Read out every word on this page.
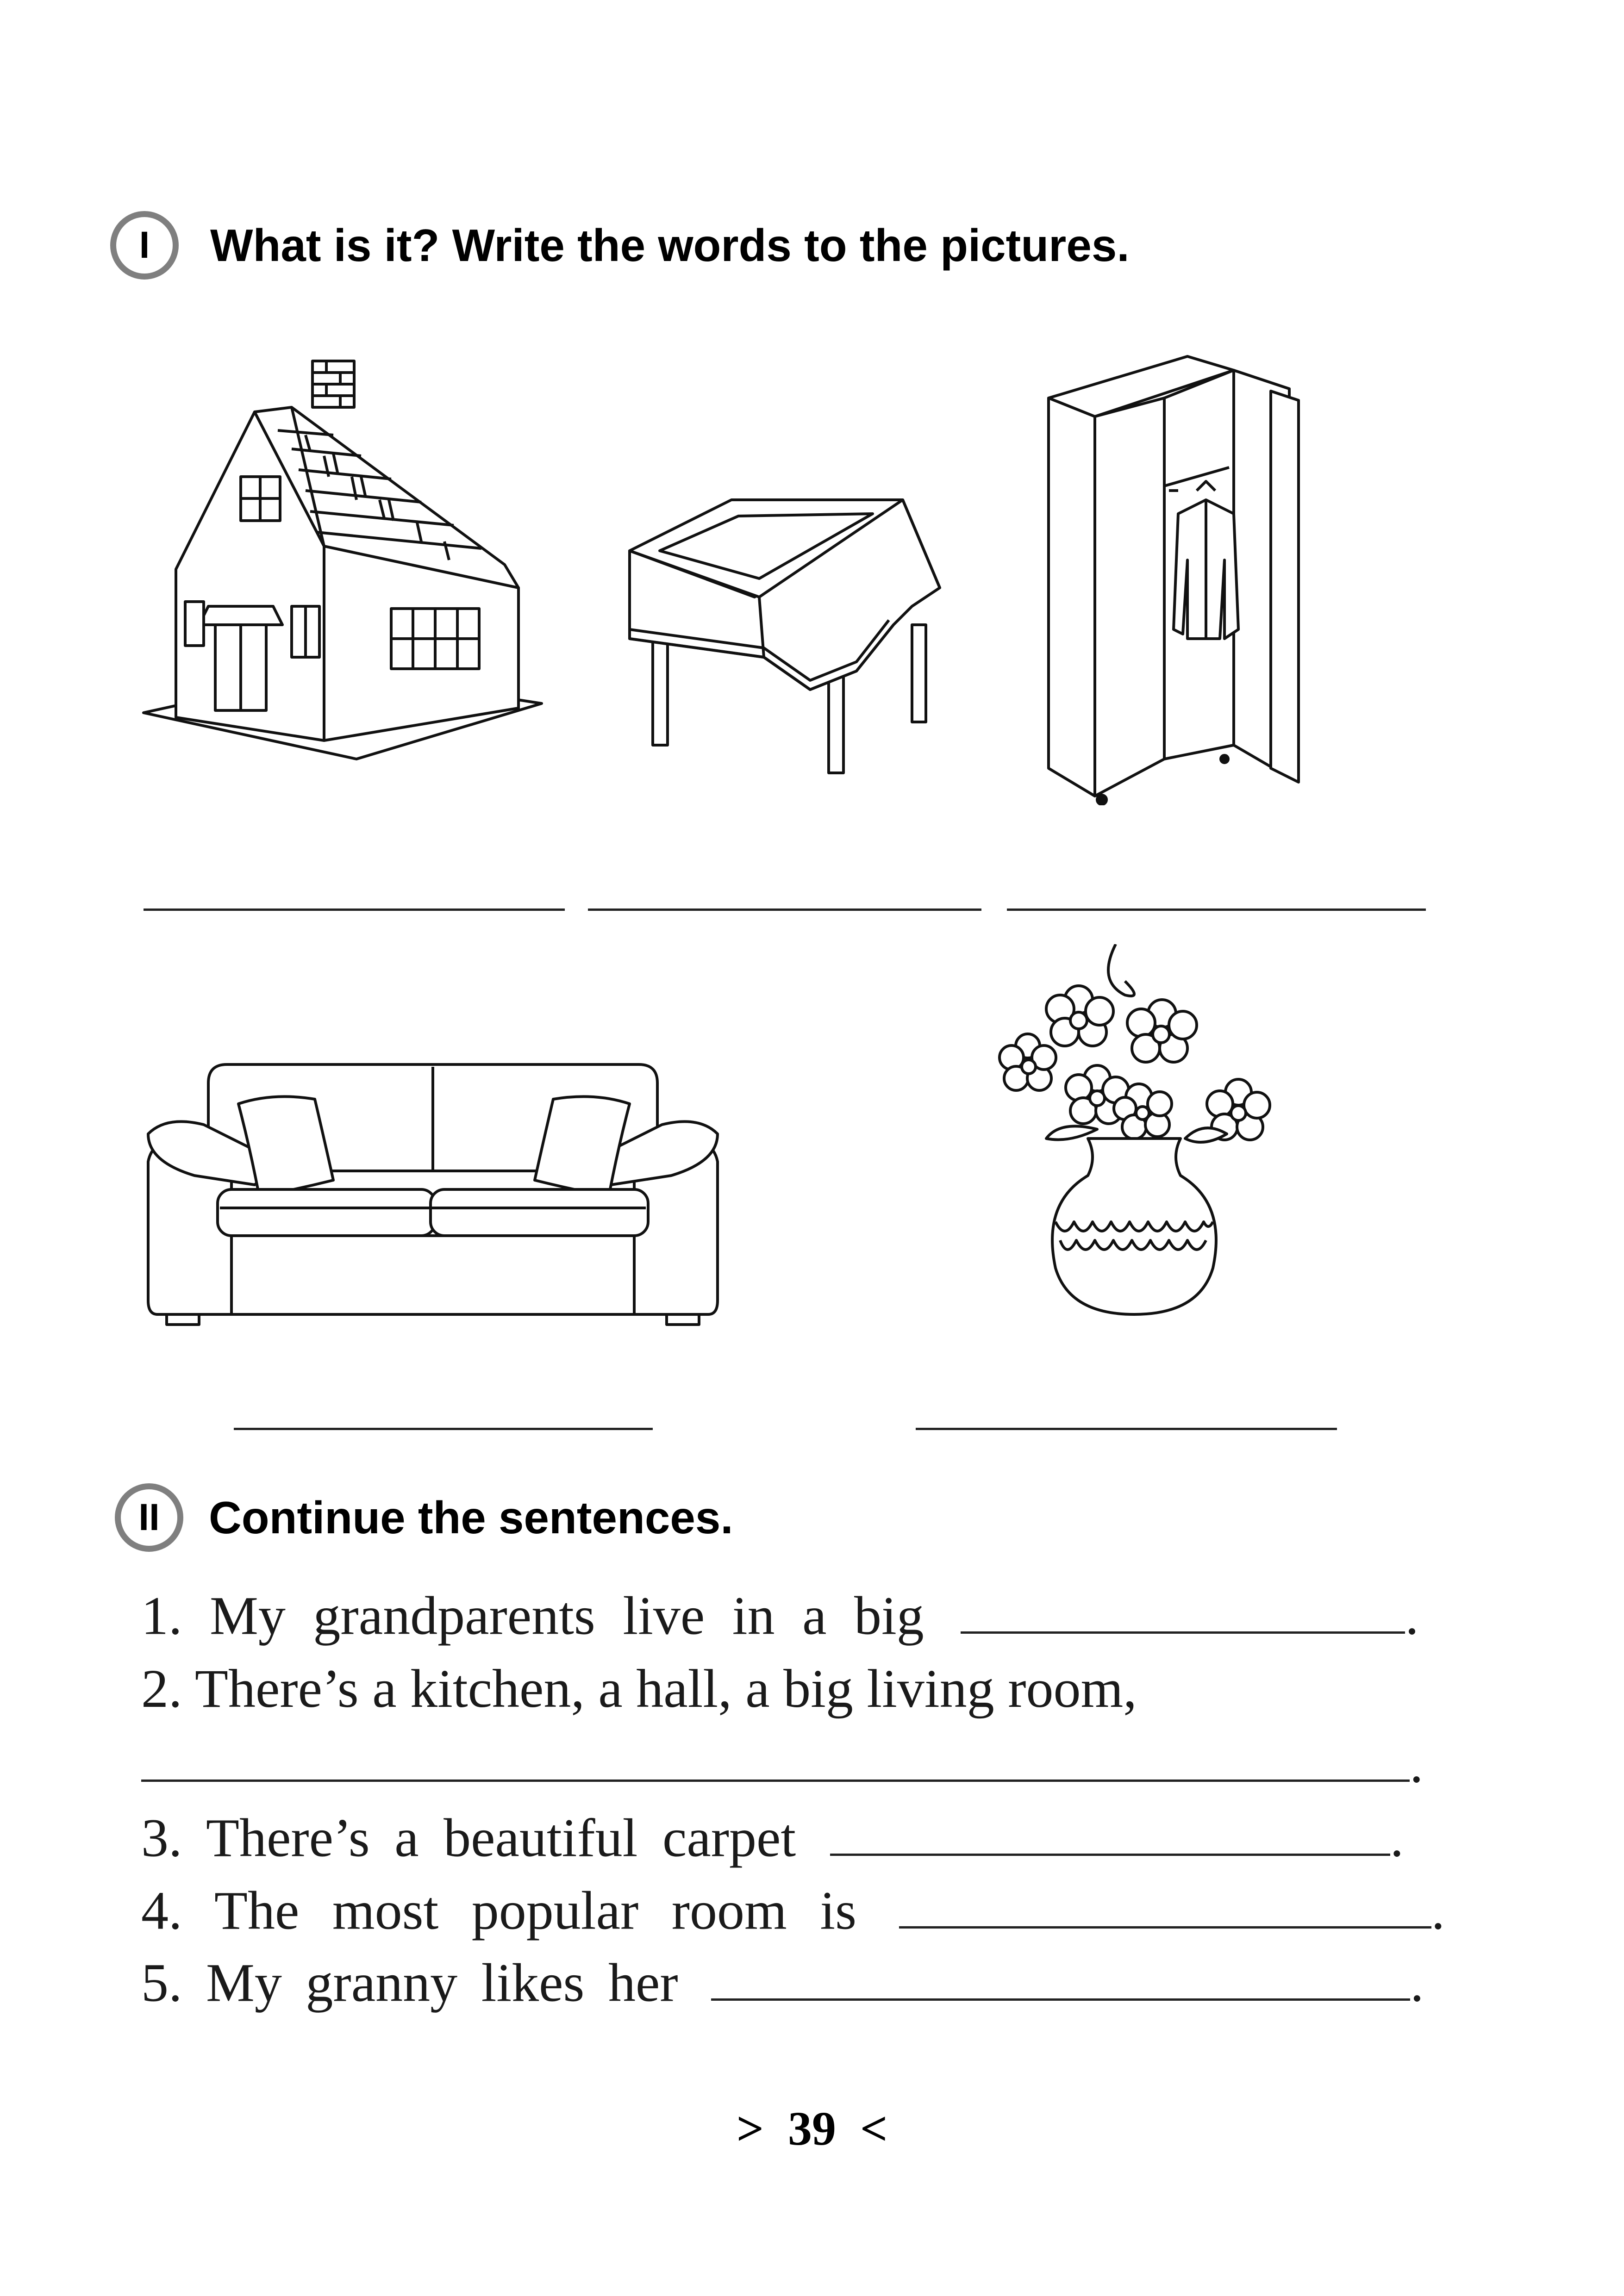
I	What is it? Write the words to the pictures.
II	Continue the sentences.
1. My grandparents live in a big	.
2. There’s a kitchen, a hall, a big living room,
.
3. There’s a beautiful carpet	.
4. The most popular room is	.
5. My granny likes her	.
>  39  <
